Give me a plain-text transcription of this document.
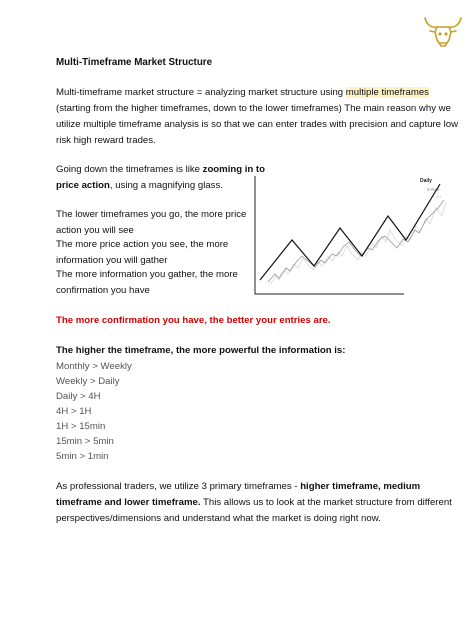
Multi-Timeframe Market Structure
Multi-timeframe market structure = analyzing market structure using multiple timeframes
(starting from the higher timeframes, down to the lower timeframes) The main reason why we
utilize multiple timeframe analysis is so that we can enter trades with precision and capture low
risk high reward trades.
Going down the timeframes is like zooming in to
price action, using a magnifying glass.
The lower timeframes you go, the more price
action you will see
The more price action you see, the more
information you will gather
The more information you gather, the more
confirmation you have
Daily
4 Hour
1H
The more confirmation you have, the better your entries are.
The higher the timeframe, the more powerful the information is:
Monthly > Weekly
Weekly > Daily
Daily > 4H
4H > 1H
1H > 15min
15min > 5min
5min > 1min
As professional traders, we utilize 3 primary timeframes - higher timeframe, medium
timeframe and lower timeframe. This allows us to look at the market structure from different
perspectives/dimensions and understand what the market is doing right now.
